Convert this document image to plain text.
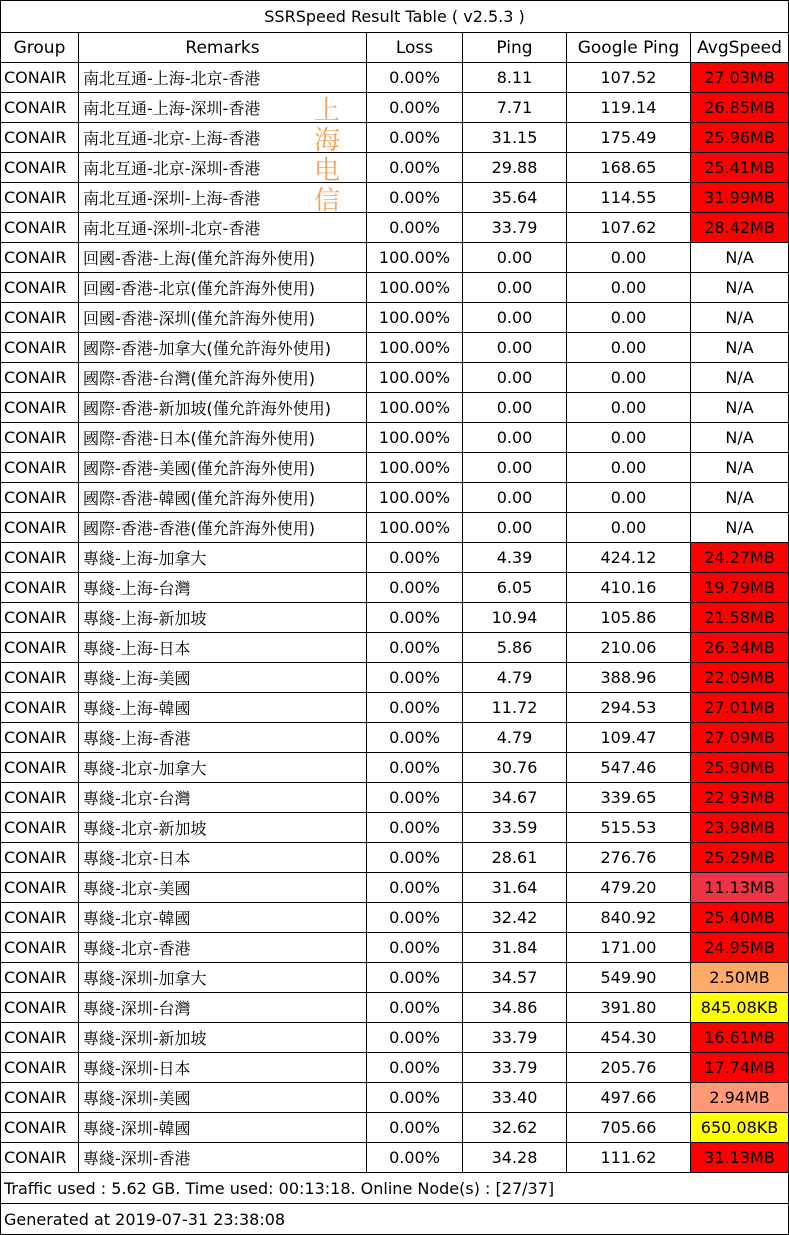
SSRSpeed Result Table ( v2.5.3 )					
Group	Remarks	Loss	Ping	Google Ping	AvgSpeed
CONAIR	南北互通-上海-北京-香港	0.00%	8.11	107.52	27.03MB
CONAIR	南北互通-上海-深圳-香港	0.00%	7.71	119.14	26.85MB
CONAIR	南北互通-北京-上海-香港	0.00%	31.15	175.49	25.96MB
CONAIR	南北互通-北京-深圳-香港	0.00%	29.88	168.65	25.41MB
CONAIR	南北互通-深圳-上海-香港	0.00%	35.64	114.55	31.99MB
CONAIR	南北互通-深圳-北京-香港	0.00%	33.79	107.62	28.42MB
CONAIR	回國-香港-上海(僅允許海外使用)	100.00%	0.00	0.00	N/A
CONAIR	回國-香港-北京(僅允許海外使用)	100.00%	0.00	0.00	N/A
CONAIR	回國-香港-深圳(僅允許海外使用)	100.00%	0.00	0.00	N/A
CONAIR	國際-香港-加拿大(僅允許海外使用)	100.00%	0.00	0.00	N/A
CONAIR	國際-香港-台灣(僅允許海外使用)	100.00%	0.00	0.00	N/A
CONAIR	國際-香港-新加坡(僅允許海外使用)	100.00%	0.00	0.00	N/A
CONAIR	國際-香港-日本(僅允許海外使用)	100.00%	0.00	0.00	N/A
CONAIR	國際-香港-美國(僅允許海外使用)	100.00%	0.00	0.00	N/A
CONAIR	國際-香港-韓國(僅允許海外使用)	100.00%	0.00	0.00	N/A
CONAIR	國際-香港-香港(僅允許海外使用)	100.00%	0.00	0.00	N/A
CONAIR	專綫-上海-加拿大	0.00%	4.39	424.12	24.27MB
CONAIR	專綫-上海-台灣	0.00%	6.05	410.16	19.79MB
CONAIR	專綫-上海-新加坡	0.00%	10.94	105.86	21.58MB
CONAIR	專綫-上海-日本	0.00%	5.86	210.06	26.34MB
CONAIR	專綫-上海-美國	0.00%	4.79	388.96	22.09MB
CONAIR	專綫-上海-韓國	0.00%	11.72	294.53	27.01MB
CONAIR	專綫-上海-香港	0.00%	4.79	109.47	27.09MB
CONAIR	專綫-北京-加拿大	0.00%	30.76	547.46	25.90MB
CONAIR	專綫-北京-台灣	0.00%	34.67	339.65	22.93MB
CONAIR	專綫-北京-新加坡	0.00%	33.59	515.53	23.98MB
CONAIR	專綫-北京-日本	0.00%	28.61	276.76	25.29MB
CONAIR	專綫-北京-美國	0.00%	31.64	479.20	11.13MB
CONAIR	專綫-北京-韓國	0.00%	32.42	840.92	25.40MB
CONAIR	專綫-北京-香港	0.00%	31.84	171.00	24.95MB
CONAIR	專綫-深圳-加拿大	0.00%	34.57	549.90	2.50MB
CONAIR	專綫-深圳-台灣	0.00%	34.86	391.80	845.08KB
CONAIR	專綫-深圳-新加坡	0.00%	33.79	454.30	16.61MB
CONAIR	專綫-深圳-日本	0.00%	33.79	205.76	17.74MB
CONAIR	專綫-深圳-美國	0.00%	33.40	497.66	2.94MB
CONAIR	專綫-深圳-韓國	0.00%	32.62	705.66	650.08KB
CONAIR	專綫-深圳-香港	0.00%	34.28	111.62	31.13MB
Traffic used : 5.62 GB. Time used: 00:13:18. Online Node(s) : [27/37]					
Generated at 2019-07-31 23:38:08					
上
海
电
信
